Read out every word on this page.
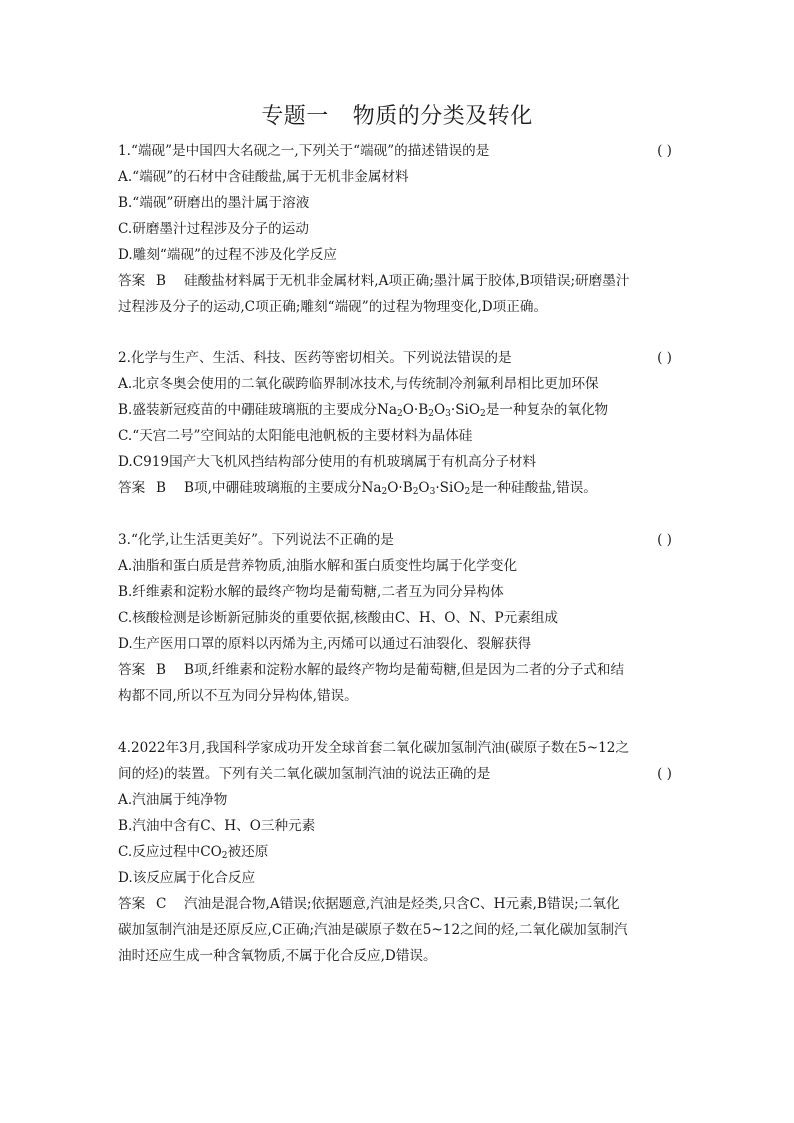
专题一 物质的分类及转化
1.“端砚”是中国四大名砚之一,下列关于“端砚”的描述错误的是	( )
A.“端砚”的石材中含硅酸盐,属于无机非金属材料
B.“端砚”研磨出的墨汁属于溶液
C.研磨墨汁过程涉及分子的运动
D.雕刻“端砚”的过程不涉及化学反应
答案 B 硅酸盐材料属于无机非金属材料,A项正确;墨汁属于胶体,B项错误;研磨墨汁
过程涉及分子的运动,C项正确;雕刻“端砚”的过程为物理变化,D项正确。
2.化学与生产、生活、科技、医药等密切相关。下列说法错误的是	( )
A.北京冬奥会使用的二氧化碳跨临界制冰技术,与传统制冷剂氟利昂相比更加环保
B.盛装新冠疫苗的中硼硅玻璃瓶的主要成分$Na_2O\cdot B_2O_3\cdot SiO_2$是一种复杂的氧化物
C.“天宫二号”空间站的太阳能电池帆板的主要材料为晶体硅
D.C919国产大飞机风挡结构部分使用的有机玻璃属于有机高分子材料
答案 B B项,中硼硅玻璃瓶的主要成分$Na_2O\cdot B_2O_3\cdot SiO_2$是一种硅酸盐,错误。
3.“化学,让生活更美好”。下列说法不正确的是	( )
A.油脂和蛋白质是营养物质,油脂水解和蛋白质变性均属于化学变化
B.纤维素和淀粉水解的最终产物均是葡萄糖,二者互为同分异构体
C.核酸检测是诊断新冠肺炎的重要依据,核酸由C、H、O、N、P元素组成
D.生产医用口罩的原料以丙烯为主,丙烯可以通过石油裂化、裂解获得
答案 B B项,纤维素和淀粉水解的最终产物均是葡萄糖,但是因为二者的分子式和结
构都不同,所以不互为同分异构体,错误。
4.2022年3月,我国科学家成功开发全球首套二氧化碳加氢制汽油(碳原子数在5~12之
间的烃)的装置。下列有关二氧化碳加氢制汽油的说法正确的是	( )
A.汽油属于纯净物
B.汽油中含有C、H、O三种元素
C.反应过程中$CO_2$被还原
D.该反应属于化合反应
答案 C 汽油是混合物,A错误;依据题意,汽油是烃类,只含C、H元素,B错误;二氧化
碳加氢制汽油是还原反应,C正确;汽油是碳原子数在5~12之间的烃,二氧化碳加氢制汽
油时还应生成一种含氧物质,不属于化合反应,D错误。
